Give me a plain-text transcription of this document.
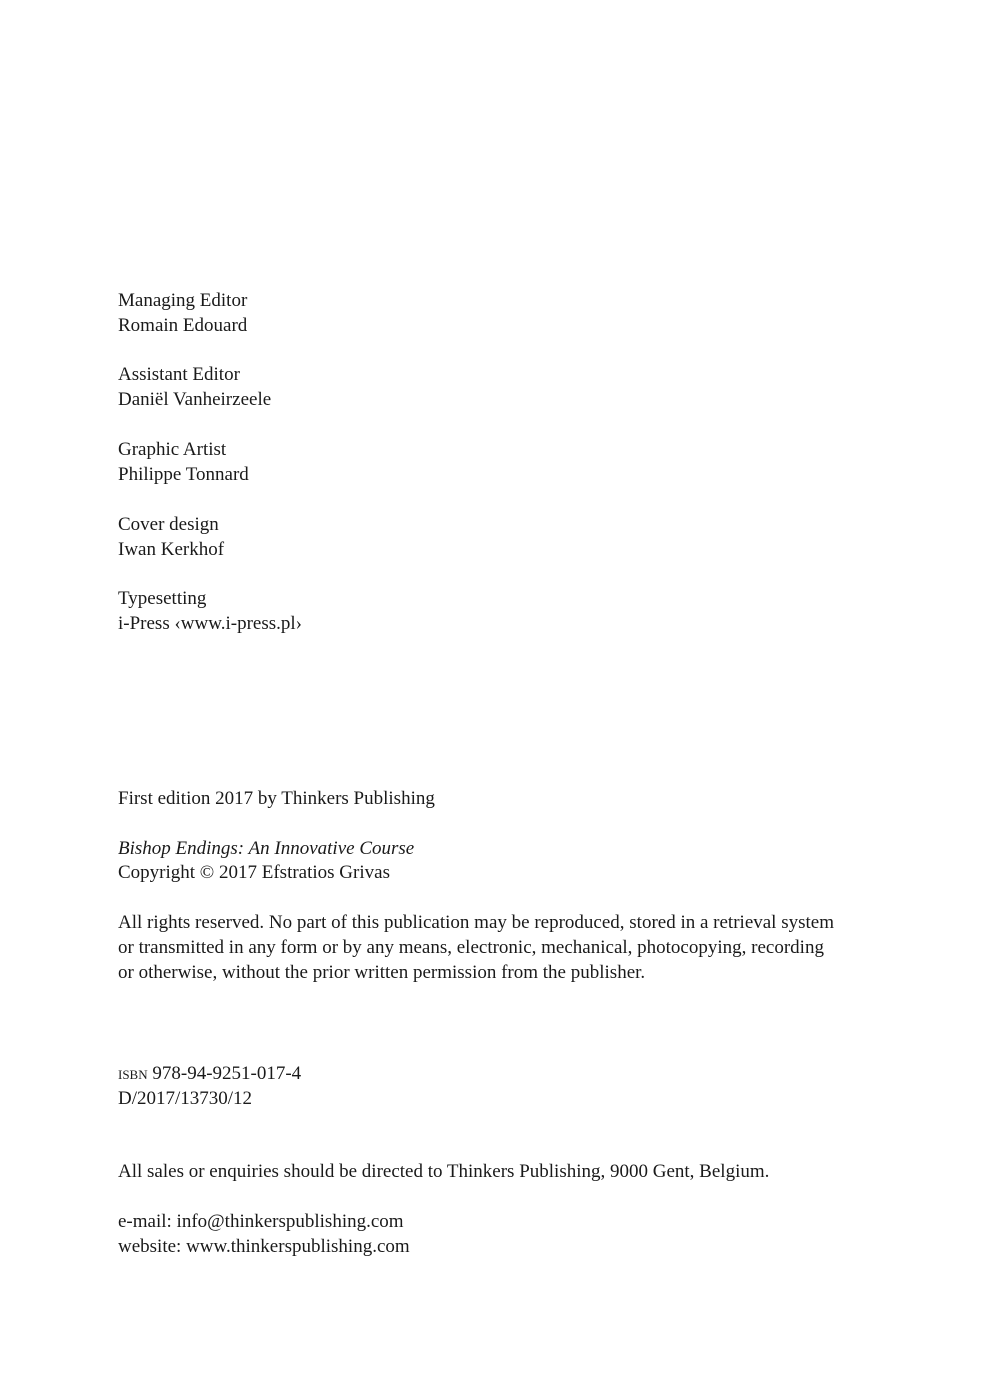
Managing Editor
Romain Edouard
Assistant Editor
Daniël Vanheirzeele
Graphic Artist
Philippe Tonnard
Cover design
Iwan Kerkhof
Typesetting
i-Press ‹www.i-press.pl›
First edition 2017 by Thinkers Publishing
Bishop Endings: An Innovative Course
Copyright © 2017 Efstratios Grivas
All rights reserved. No part of this publication may be reproduced, stored in a retrieval system
or transmitted in any form or by any means, electronic, mechanical, photocopying, recording
or otherwise, without the prior written permission from the publisher.
isbn 978-94-9251-017-4
D/2017/13730/12
All sales or enquiries should be directed to Thinkers Publishing, 9000 Gent, Belgium.
e-mail: info@thinkerspublishing.com
website: www.thinkerspublishing.com
